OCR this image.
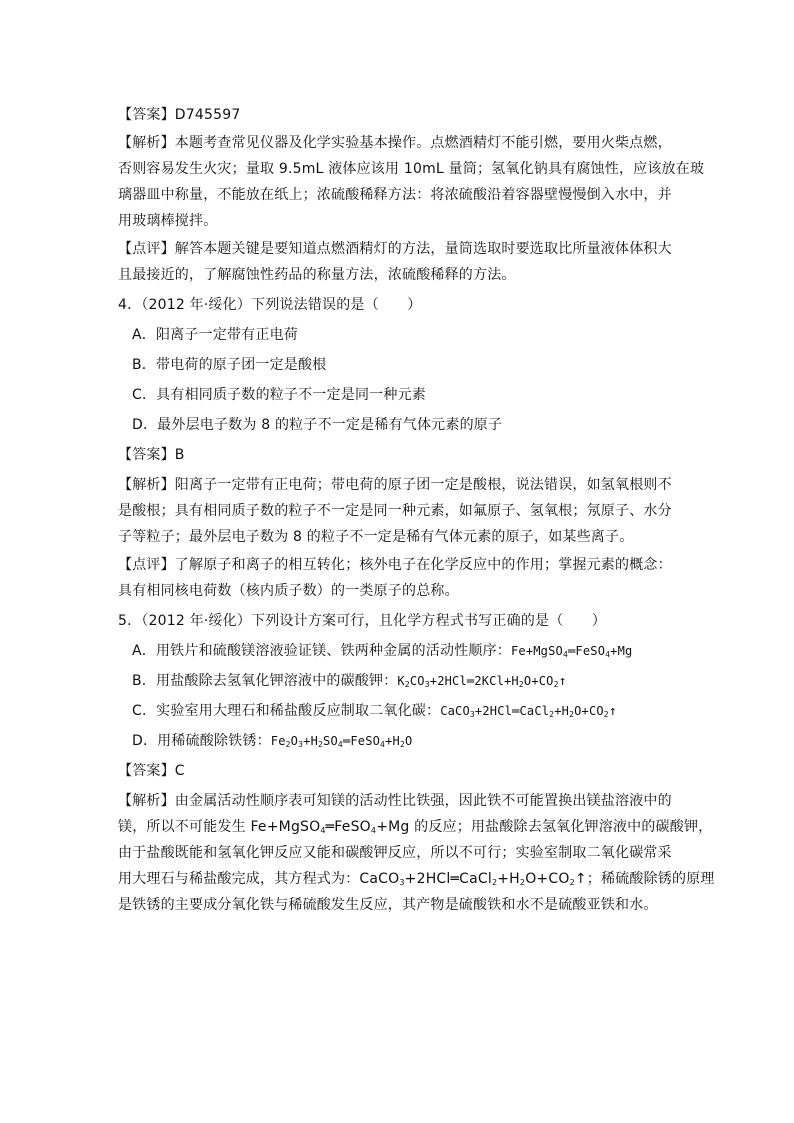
【答案】D745597
【解析】本题考查常见仪器及化学实验基本操作。点燃酒精灯不能引燃，要用火柴点燃，
否则容易发生火灾；量取 9.5mL 液体应该用 10mL 量筒；氢氧化钠具有腐蚀性，应该放在玻
璃器皿中称量，不能放在纸上；浓硫酸稀释方法：将浓硫酸沿着容器壁慢慢倒入水中，并
用玻璃棒搅拌。
【点评】解答本题关键是要知道点燃酒精灯的方法，量筒选取时要选取比所量液体体积大
且最接近的，了解腐蚀性药品的称量方法，浓硫酸稀释的方法。
4．（2012 年·绥化）下列说法错误的是（　　）
A．阳离子一定带有正电荷
B．带电荷的原子团一定是酸根
C．具有相同质子数的粒子不一定是同一种元素
D．最外层电子数为 8 的粒子不一定是稀有气体元素的原子
【答案】B
【解析】阳离子一定带有正电荷；带电荷的原子团一定是酸根，说法错误，如氢氧根则不
是酸根；具有相同质子数的粒子不一定是同一种元素，如氟原子、氢氧根；氖原子、水分
子等粒子；最外层电子数为 8 的粒子不一定是稀有气体元素的原子，如某些离子。
【点评】了解原子和离子的相互转化；核外电子在化学反应中的作用；掌握元素的概念：
具有相同核电荷数（核内质子数）的一类原子的总称。
5．（2012 年·绥化）下列设计方案可行，且化学方程式书写正确的是（　　）
A．用铁片和硫酸镁溶液验证镁、铁两种金属的活动性顺序：Fe+MgSO$_4$═FeSO$_4$+Mg
B．用盐酸除去氢氧化钾溶液中的碳酸钾：$K_2CO_3+2HCl═2KCl+H_2O+CO_2↑$
C．实验室用大理石和稀盐酸反应制取二氧化碳：$CaCO_3+2HCl═CaCl_2+H_2O+CO_2↑$
D．用稀硫酸除铁锈：$Fe_2O_3+H_2SO_4═FeSO_4+H_2O$
【答案】C
【解析】由金属活动性顺序表可知镁的活动性比铁强，因此铁不可能置换出镁盐溶液中的
镁，所以不可能发生 Fe+MgSO$_4$═FeSO$_4$+Mg 的反应；用盐酸除去氢氧化钾溶液中的碳酸钾，
由于盐酸既能和氢氧化钾反应又能和碳酸钾反应，所以不可行；实验室制取二氧化碳常采
用大理石与稀盐酸完成，其方程式为：$CaCO_3+2HCl═CaCl_2+H_2O+CO_2↑$；稀硫酸除锈的原理
是铁锈的主要成分氧化铁与稀硫酸发生反应，其产物是硫酸铁和水不是硫酸亚铁和水。
